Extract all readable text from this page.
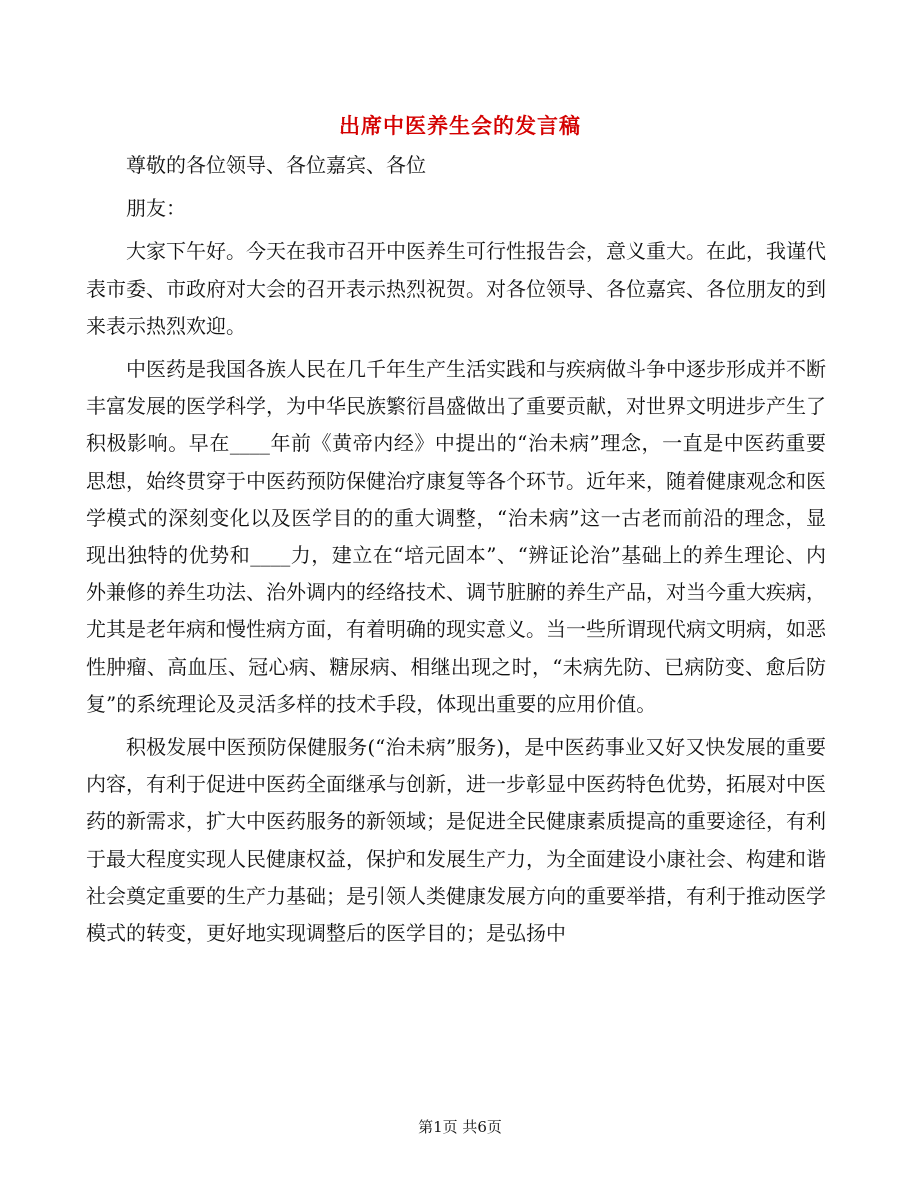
出席中医养生会的发言稿

尊敬的各位领导、各位嘉宾、各位

朋友：

大家下午好。今天在我市召开中医养生可行性报告会，意义重大。在此，我谨代表市委、市政府对大会的召开表示热烈祝贺。对各位领导、各位嘉宾、各位朋友的到来表示热烈欢迎。

中医药是我国各族人民在几千年生产生活实践和与疾病做斗争中逐步形成并不断丰富发展的医学科学，为中华民族繁衍昌盛做出了重要贡献，对世界文明进步产生了积极影响。早在____年前《黄帝内经》中提出的“治未病”理念，一直是中医药重要思想，始终贯穿于中医药预防保健治疗康复等各个环节。近年来，随着健康观念和医学模式的深刻变化以及医学目的的重大调整，“治未病”这一古老而前沿的理念，显现出独特的优势和____力，建立在“培元固本”、“辨证论治”基础上的养生理论、内外兼修的养生功法、治外调内的经络技术、调节脏腑的养生产品，对当今重大疾病，尤其是老年病和慢性病方面，有着明确的现实意义。当一些所谓现代病文明病，如恶性肿瘤、高血压、冠心病、糖尿病、相继出现之时，“未病先防、已病防变、愈后防复”的系统理论及灵活多样的技术手段，体现出重要的应用价值。

积极发展中医预防保健服务(“治未病”服务)，是中医药事业又好又快发展的重要内容，有利于促进中医药全面继承与创新，进一步彰显中医药特色优势，拓展对中医药的新需求，扩大中医药服务的新领域；是促进全民健康素质提高的重要途径，有利于最大程度实现人民健康权益，保护和发展生产力，为全面建设小康社会、构建和谐社会奠定重要的生产力基础；是引领人类健康发展方向的重要举措，有利于推动医学模式的转变，更好地实现调整后的医学目的；是弘扬中

第1页 共6页
